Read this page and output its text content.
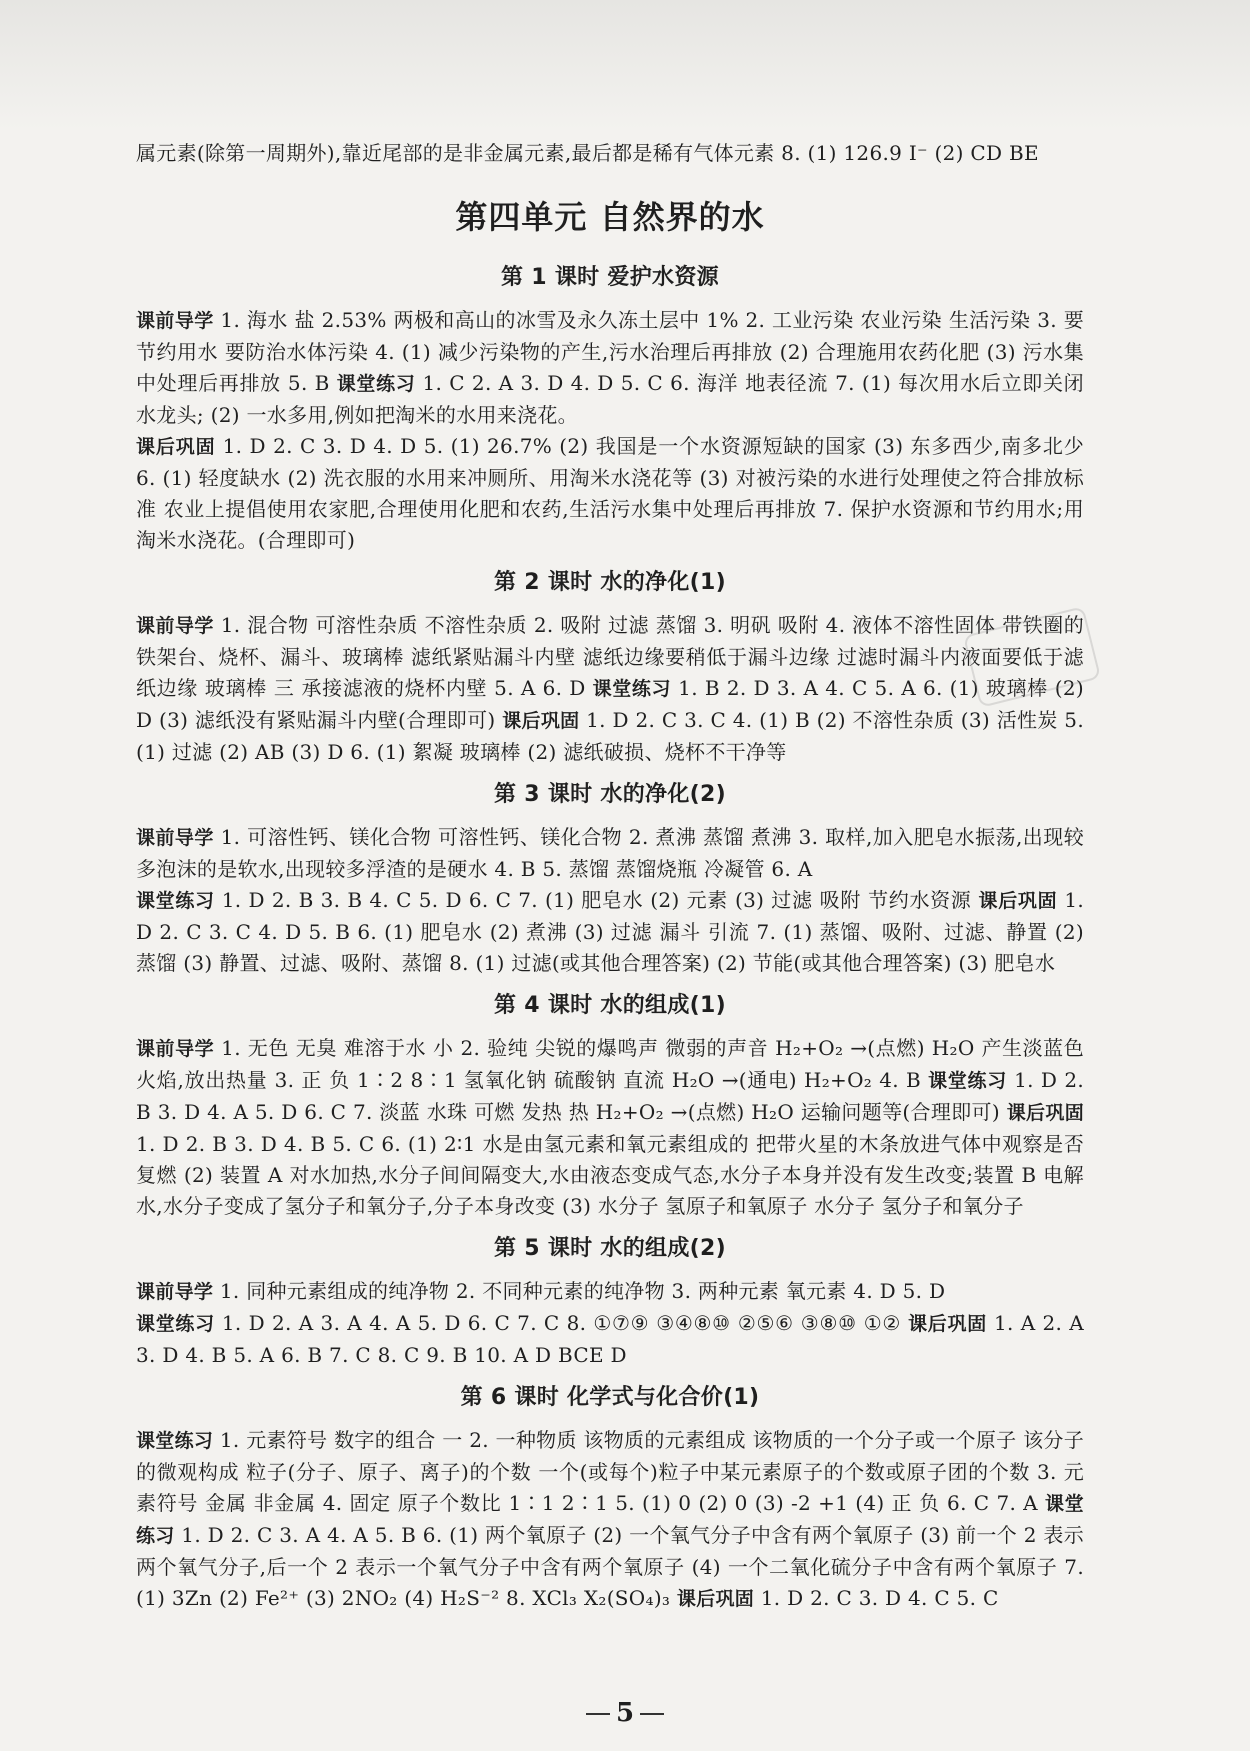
属元素(除第一周期外),靠近尾部的是非金属元素,最后都是稀有气体元素 8. (1) 126.9 I⁻ (2) CD BE

第四单元 自然界的水
第 1 课时 爱护水资源

课前导学 1. 海水 盐 2.53% 两极和高山的冰雪及永久冻土层中 1% 2. 工业污染 农业污染 生活污染 3. 要节约用水 要防治水体污染 4. (1) 减少污染物的产生,污水治理后再排放 (2) 合理施用农药化肥 (3) 污水集中处理后再排放 5. B 课堂练习 1. C 2. A 3. D 4. D 5. C 6. 海洋 地表径流 7. (1) 每次用水后立即关闭水龙头; (2) 一水多用,例如把淘米的水用来浇花。

课后巩固 1. D 2. C 3. D 4. D 5. (1) 26.7% (2) 我国是一个水资源短缺的国家 (3) 东多西少,南多北少 6. (1) 轻度缺水 (2) 洗衣服的水用来冲厕所、用淘米水浇花等 (3) 对被污染的水进行处理使之符合排放标准 农业上提倡使用农家肥,合理使用化肥和农药,生活污水集中处理后再排放 7. 保护水资源和节约用水;用淘米水浇花。(合理即可)

第 2 课时 水的净化(1)

课前导学 1. 混合物 可溶性杂质 不溶性杂质 2. 吸附 过滤 蒸馏 3. 明矾 吸附 4. 液体不溶性固体 带铁圈的铁架台、烧杯、漏斗、玻璃棒 滤纸紧贴漏斗内壁 滤纸边缘要稍低于漏斗边缘 过滤时漏斗内液面要低于滤纸边缘 玻璃棒 三 承接滤液的烧杯内壁 5. A 6. D 课堂练习 1. B 2. D 3. A 4. C 5. A 6. (1) 玻璃棒 (2) D (3) 滤纸没有紧贴漏斗内壁(合理即可) 课后巩固 1. D 2. C 3. C 4. (1) B (2) 不溶性杂质 (3) 活性炭 5. (1) 过滤 (2) AB (3) D 6. (1) 絮凝 玻璃棒 (2) 滤纸破损、烧杯不干净等

第 3 课时 水的净化(2)

课前导学 1. 可溶性钙、镁化合物 可溶性钙、镁化合物 2. 煮沸 蒸馏 煮沸 3. 取样,加入肥皂水振荡,出现较多泡沫的是软水,出现较多浮渣的是硬水 4. B 5. 蒸馏 蒸馏烧瓶 冷凝管 6. A

课堂练习 1. D 2. B 3. B 4. C 5. D 6. C 7. (1) 肥皂水 (2) 元素 (3) 过滤 吸附 节约水资源 课后巩固 1. D 2. C 3. C 4. D 5. B 6. (1) 肥皂水 (2) 煮沸 (3) 过滤 漏斗 引流 7. (1) 蒸馏、吸附、过滤、静置 (2) 蒸馏 (3) 静置、过滤、吸附、蒸馏 8. (1) 过滤(或其他合理答案) (2) 节能(或其他合理答案) (3) 肥皂水

第 4 课时 水的组成(1)

课前导学 1. 无色 无臭 难溶于水 小 2. 验纯 尖锐的爆鸣声 微弱的声音 H₂+O₂ →(点燃) H₂O 产生淡蓝色火焰,放出热量 3. 正 负 1∶2 8∶1 氢氧化钠 硫酸钠 直流 H₂O →(通电) H₂+O₂ 4. B 课堂练习 1. D 2. B 3. D 4. A 5. D 6. C 7. 淡蓝 水珠 可燃 发热 热 H₂+O₂ →(点燃) H₂O 运输问题等(合理即可) 课后巩固 1. D 2. B 3. D 4. B 5. C 6. (1) 2∶1 水是由氢元素和氧元素组成的 把带火星的木条放进气体中观察是否复燃 (2) 装置 A 对水加热,水分子间间隔变大,水由液态变成气态,水分子本身并没有发生改变;装置 B 电解水,水分子变成了氢分子和氧分子,分子本身改变 (3) 水分子 氢原子和氧原子 水分子 氢分子和氧分子

第 5 课时 水的组成(2)

课前导学 1. 同种元素组成的纯净物 2. 不同种元素的纯净物 3. 两种元素 氧元素 4. D 5. D

课堂练习 1. D 2. A 3. A 4. A 5. D 6. C 7. C 8. ①⑦⑨ ③④⑧⑩ ②⑤⑥ ③⑧⑩ ①② 课后巩固 1. A 2. A 3. D 4. B 5. A 6. B 7. C 8. C 9. B 10. A D BCE D

第 6 课时 化学式与化合价(1)

课堂练习 1. 元素符号 数字的组合 一 2. 一种物质 该物质的元素组成 该物质的一个分子或一个原子 该分子的微观构成 粒子(分子、原子、离子)的个数 一个(或每个)粒子中某元素原子的个数或原子团的个数 3. 元素符号 金属 非金属 4. 固定 原子个数比 1∶1 2∶1 5. (1) 0 (2) 0 (3) -2 +1 (4) 正 负 6. C 7. A 课堂练习 1. D 2. C 3. A 4. A 5. B 6. (1) 两个氧原子 (2) 一个氧气分子中含有两个氧原子 (3) 前一个 2 表示两个氧气分子,后一个 2 表示一个氧气分子中含有两个氧原子 (4) 一个二氧化硫分子中含有两个氧原子 7. (1) 3Zn (2) Fe²⁺ (3) 2NO₂ (4) H₂S⁻² 8. XCl₃ X₂(SO₄)₃ 课后巩固 1. D 2. C 3. D 4. C 5. C

5
